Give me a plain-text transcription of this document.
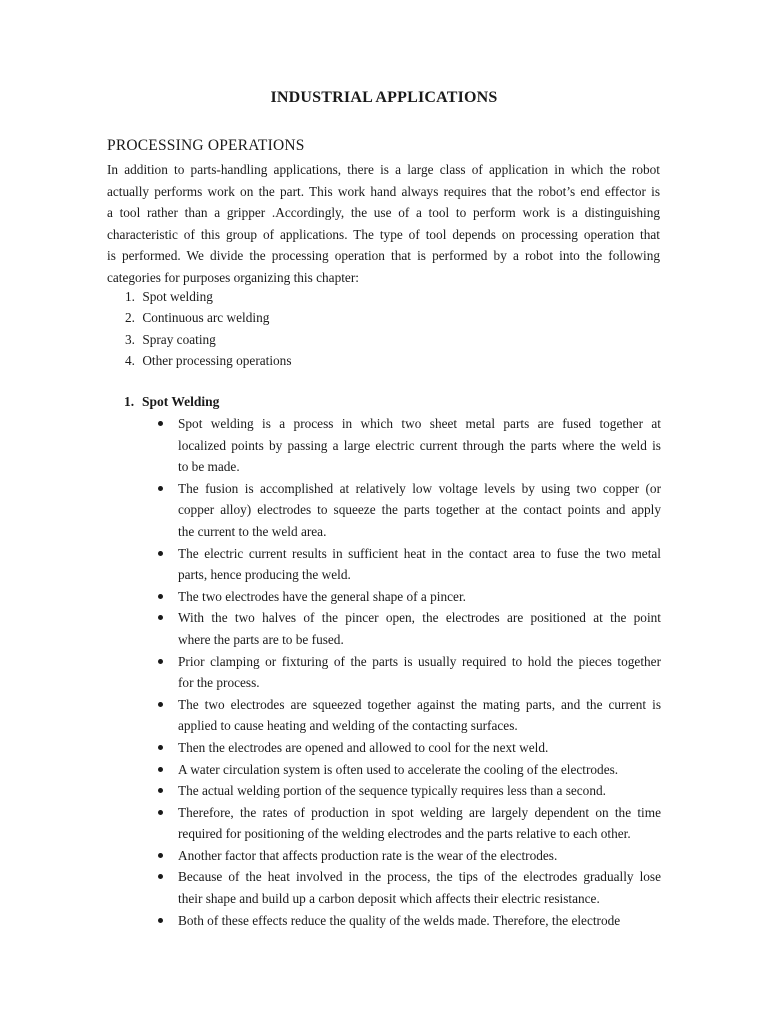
INDUSTRIAL APPLICATIONS
PROCESSING OPERATIONS
In addition to parts-handling applications, there is a large class of application in which the robot
actually performs work on the part. This work hand always requires that the robot’s end effector is
a tool rather than a gripper .Accordingly, the use of a tool to perform work is a distinguishing
characteristic of this group of applications. The type of tool depends on processing operation that
is performed. We divide the processing operation that is performed by a robot into the following
categories for purposes organizing this chapter:
1. Spot welding
2. Continuous arc welding
3. Spray coating
4. Other processing operations
1. Spot Welding
Spot welding is a process in which two sheet metal parts are fused together at
localized points by passing a large electric current through the parts where the weld is
to be made.
The fusion is accomplished at relatively low voltage levels by using two copper (or
copper alloy) electrodes to squeeze the parts together at the contact points and apply
the current to the weld area.
The electric current results in sufficient heat in the contact area to fuse the two metal
parts, hence producing the weld.
The two electrodes have the general shape of a pincer.
With the two halves of the pincer open, the electrodes are positioned at the point
where the parts are to be fused.
Prior clamping or fixturing of the parts is usually required to hold the pieces together
for the process.
The two electrodes are squeezed together against the mating parts, and the current is
applied to cause heating and welding of the contacting surfaces.
Then the electrodes are opened and allowed to cool for the next weld.
A water circulation system is often used to accelerate the cooling of the electrodes.
The actual welding portion of the sequence typically requires less than a second.
Therefore, the rates of production in spot welding are largely dependent on the time
required for positioning of the welding electrodes and the parts relative to each other.
Another factor that affects production rate is the wear of the electrodes.
Because of the heat involved in the process, the tips of the electrodes gradually lose
their shape and build up a carbon deposit which affects their electric resistance.
Both of these effects reduce the quality of the welds made. Therefore, the electrode
